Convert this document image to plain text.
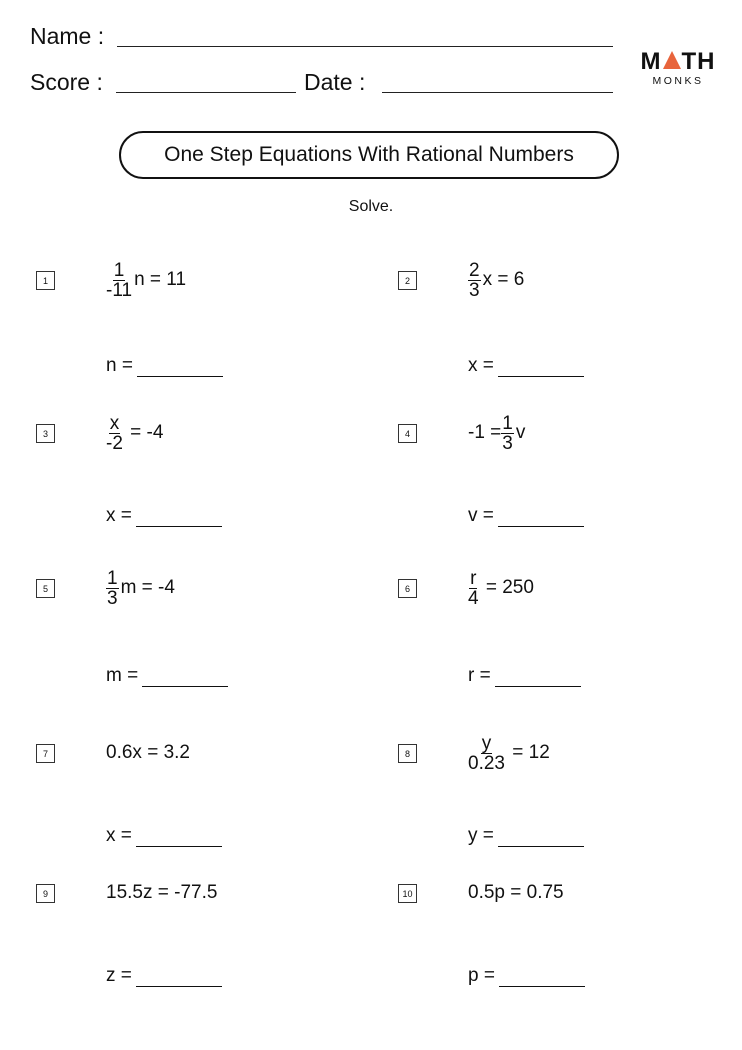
Name :
Score :	Date :
M TH
MONKS
One Step Equations With Rational Numbers
Solve.
1	$\frac{1}{-11}$ n = 11
n =
2	$\frac{2}{3}$ x = 6
x =
3	$\frac{x}{-2} = -4$
x =
4	$-1 = \frac{1}{3}$ v
v =
5	$\frac{1}{3}$ m = -4
m =
6	$\frac{r}{4} = 250$
r =
7	0.6x = 3.2
x =
8	$\frac{y}{0.23} = 12$
y =
9	15.5z = -77.5
z =
10	0.5p = 0.75
p =
